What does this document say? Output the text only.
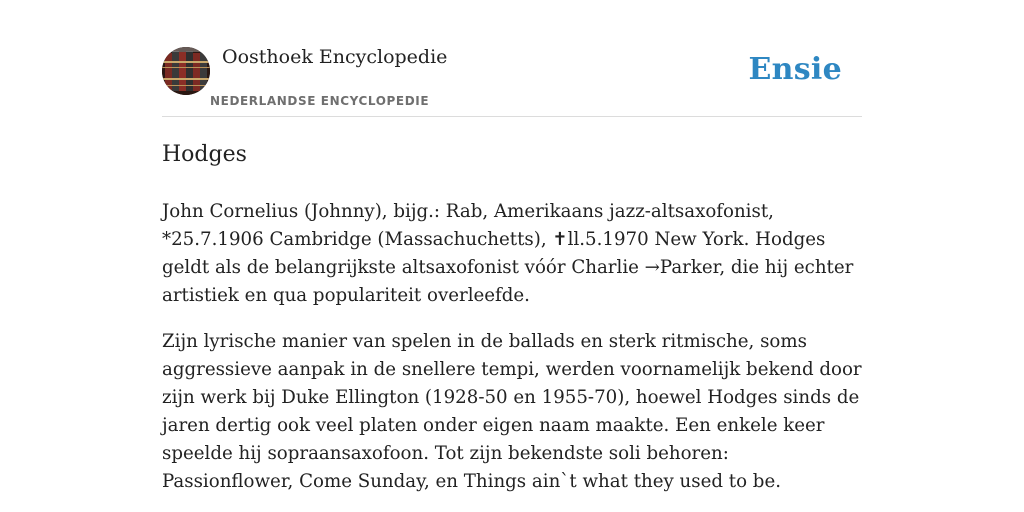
Oosthoek Encyclopedie
NEDERLANDSE ENCYCLOPEDIE
Ensie
Hodges

John Cornelius (Johnny), bijg.: Rab, Amerikaans jazz-altsaxofonist, *25.7.1906 Cambridge (Massachuchetts), ✝ll.5.1970 New York. Hodges geldt als de belangrijkste altsaxofonist vóór Charlie →Parker, die hij echter artistiek en qua populariteit overleefde.

Zijn lyrische manier van spelen in de ballads en sterk ritmische, soms aggressieve aanpak in de snellere tempi, werden voornamelijk bekend door zijn werk bij Duke Ellington (1928-50 en 1955-70), hoewel Hodges sinds de jaren dertig ook veel platen onder eigen naam maakte. Een enkele keer speelde hij sopraansaxofoon. Tot zijn bekendste soli behoren: Passionflower, Come Sunday, en Things ain`t what they used to be.
